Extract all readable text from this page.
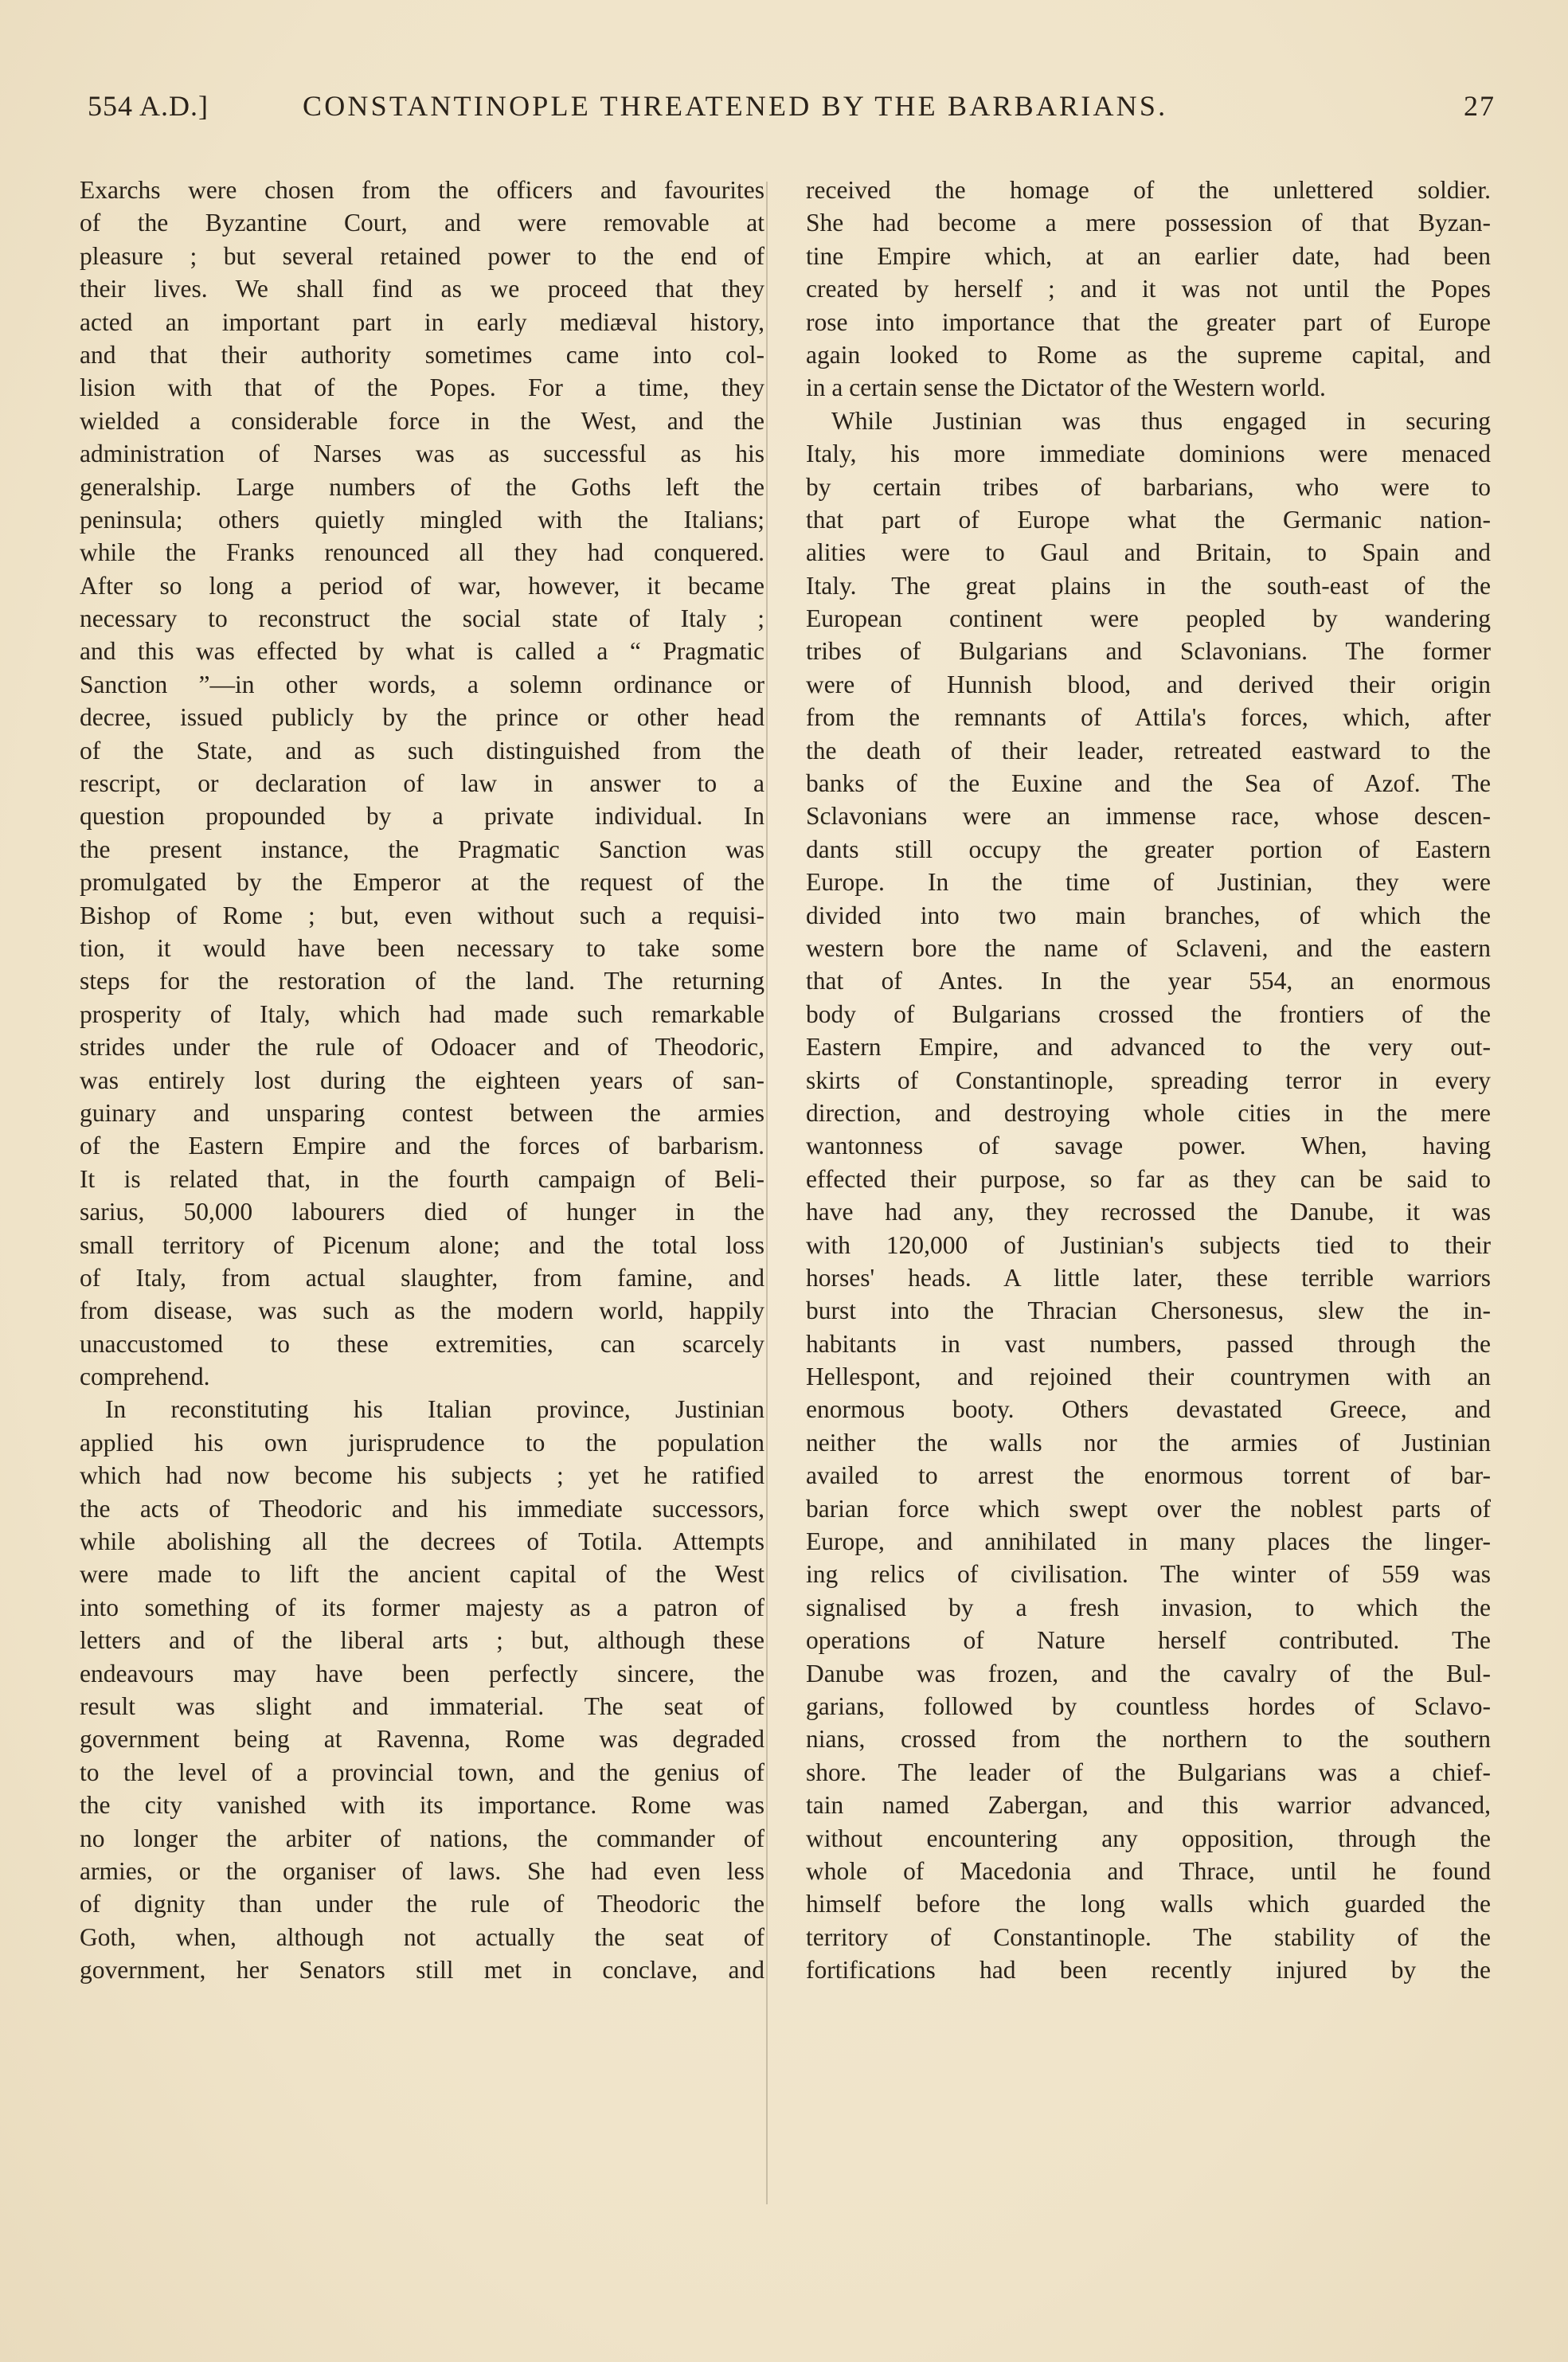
554 A.D.]	CONSTANTINOPLE THREATENED BY THE BARBARIANS.	27
Exarchs were chosen from the officers and favourites
of the Byzantine Court, and were removable at
pleasure ; but several retained power to the end of
their lives. We shall find as we proceed that they
acted an important part in early mediæval history,
and that their authority sometimes came into col-
lision with that of the Popes. For a time, they
wielded a considerable force in the West, and the
administration of Narses was as successful as his
generalship. Large numbers of the Goths left the
peninsula; others quietly mingled with the Italians;
while the Franks renounced all they had conquered.
After so long a period of war, however, it became
necessary to reconstruct the social state of Italy ;
and this was effected by what is called a “ Pragmatic
Sanction ”—in other words, a solemn ordinance or
decree, issued publicly by the prince or other head
of the State, and as such distinguished from the
rescript, or declaration of law in answer to a
question propounded by a private individual. In
the present instance, the Pragmatic Sanction was
promulgated by the Emperor at the request of the
Bishop of Rome ; but, even without such a requisi-
tion, it would have been necessary to take some
steps for the restoration of the land. The returning
prosperity of Italy, which had made such remarkable
strides under the rule of Odoacer and of Theodoric,
was entirely lost during the eighteen years of san-
guinary and unsparing contest between the armies
of the Eastern Empire and the forces of barbarism.
It is related that, in the fourth campaign of Beli-
sarius, 50,000 labourers died of hunger in the
small territory of Picenum alone; and the total loss
of Italy, from actual slaughter, from famine, and
from disease, was such as the modern world, happily
unaccustomed to these extremities, can scarcely
comprehend.
In reconstituting his Italian province, Justinian
applied his own jurisprudence to the population
which had now become his subjects ; yet he ratified
the acts of Theodoric and his immediate successors,
while abolishing all the decrees of Totila. Attempts
were made to lift the ancient capital of the West
into something of its former majesty as a patron of
letters and of the liberal arts ; but, although these
endeavours may have been perfectly sincere, the
result was slight and immaterial. The seat of
government being at Ravenna, Rome was degraded
to the level of a provincial town, and the genius of
the city vanished with its importance. Rome was
no longer the arbiter of nations, the commander of
armies, or the organiser of laws. She had even less
of dignity than under the rule of Theodoric the
Goth, when, although not actually the seat of
government, her Senators still met in conclave, and
received the homage of the unlettered soldier.
She had become a mere possession of that Byzan-
tine Empire which, at an earlier date, had been
created by herself ; and it was not until the Popes
rose into importance that the greater part of Europe
again looked to Rome as the supreme capital, and
in a certain sense the Dictator of the Western world.
While Justinian was thus engaged in securing
Italy, his more immediate dominions were menaced
by certain tribes of barbarians, who were to
that part of Europe what the Germanic nation-
alities were to Gaul and Britain, to Spain and
Italy. The great plains in the south-east of the
European continent were peopled by wandering
tribes of Bulgarians and Sclavonians. The former
were of Hunnish blood, and derived their origin
from the remnants of Attila's forces, which, after
the death of their leader, retreated eastward to the
banks of the Euxine and the Sea of Azof. The
Sclavonians were an immense race, whose descen-
dants still occupy the greater portion of Eastern
Europe. In the time of Justinian, they were
divided into two main branches, of which the
western bore the name of Sclaveni, and the eastern
that of Antes. In the year 554, an enormous
body of Bulgarians crossed the frontiers of the
Eastern Empire, and advanced to the very out-
skirts of Constantinople, spreading terror in every
direction, and destroying whole cities in the mere
wantonness of savage power. When, having
effected their purpose, so far as they can be said to
have had any, they recrossed the Danube, it was
with 120,000 of Justinian's subjects tied to their
horses' heads. A little later, these terrible warriors
burst into the Thracian Chersonesus, slew the in-
habitants in vast numbers, passed through the
Hellespont, and rejoined their countrymen with an
enormous booty. Others devastated Greece, and
neither the walls nor the armies of Justinian
availed to arrest the enormous torrent of bar-
barian force which swept over the noblest parts of
Europe, and annihilated in many places the linger-
ing relics of civilisation. The winter of 559 was
signalised by a fresh invasion, to which the
operations of Nature herself contributed. The
Danube was frozen, and the cavalry of the Bul-
garians, followed by countless hordes of Sclavo-
nians, crossed from the northern to the southern
shore. The leader of the Bulgarians was a chief-
tain named Zabergan, and this warrior advanced,
without encountering any opposition, through the
whole of Macedonia and Thrace, until he found
himself before the long walls which guarded the
territory of Constantinople. The stability of the
fortifications had been recently injured by the
